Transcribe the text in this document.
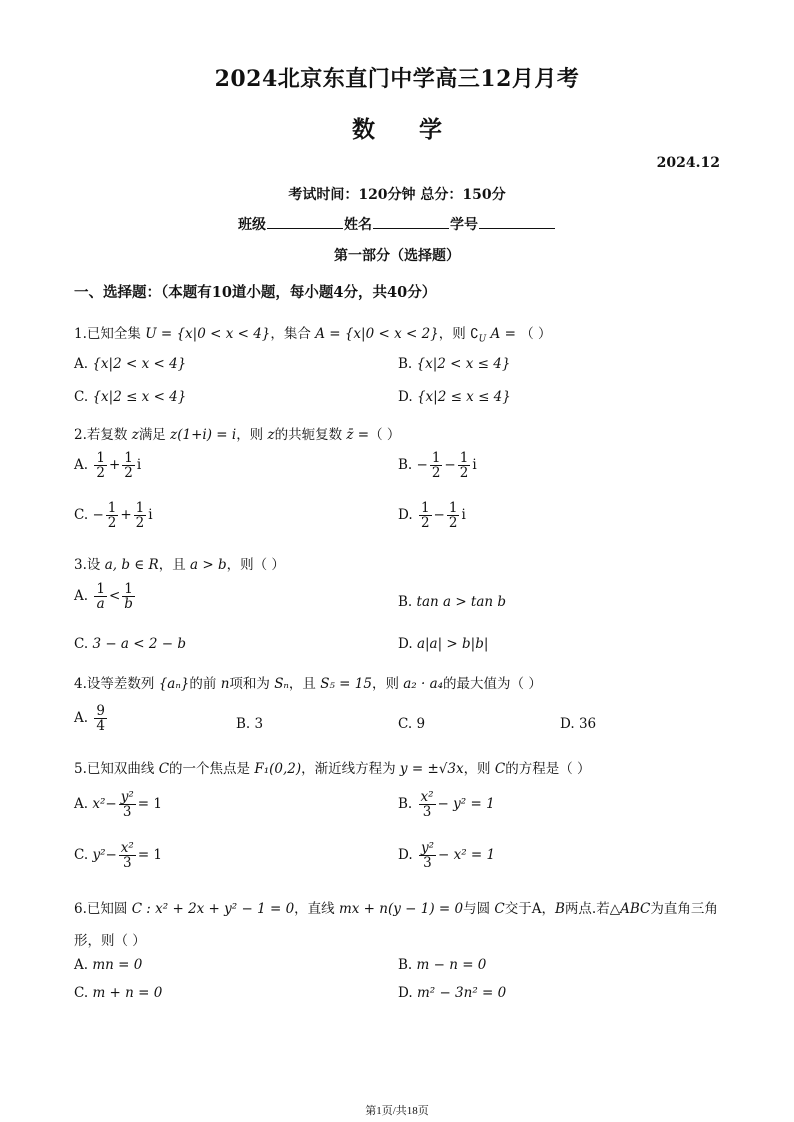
2024北京东直门中学高三12月月考
数 学
2024.12
考试时间：120分钟 总分：150分
班级	姓名	学号
第一部分（选择题）
一、选择题：（本题有10道小题，每小题4分，共40分）
1.已知全集 U = {x|0 < x < 4}，集合 A = {x|0 < x < 2}，则 $∁_U$ A = （ ）
A. {x|2 < x < 4}	B. {x|2 < x ≤ 4}
C. {x|2 ≤ x < 4}	D. {x|2 ≤ x ≤ 4}
2.若复数 z满足 z(1+i) = i，则 z的共轭复数 z̄ =（ ）
A. $\frac{1}{2} + \frac{1}{2}$ i	B. − $\frac{1}{2} - \frac{1}{2}$ i
C. − $\frac{1}{2} + \frac{1}{2}$ i	D. $\frac{1}{2} - \frac{1}{2}$ i
3.设 a, b ∈ R，且 a > b，则（ ）
A. $\frac{1}{a} < \frac{1}{b}$	B. tan a > tan b
C. 3 − a < 2 − b	D. a|a| > b|b|
4.设等差数列 {aₙ}的前 n项和为 Sₙ，且 S₅ = 15，则 a₂ · a₄的最大值为（ ）
A. $\frac{9}{4}$	B. 3	C. 9	D. 36
5.已知双曲线 C的一个焦点是 F₁(0,2)，渐近线方程为 y = ±√3x，则 C的方程是（ ）
A. $x^2- \frac{\text{y²}}{3} = 1$	B. $\frac{\text{x²}}{3} - y^2 = 1$
C. $y^2- \frac{\text{x²}}{3} = 1$	D. $\frac{\text{y²}}{3} - x^2 = 1$
6.已知圆 C : x² + 2x + y² − 1 = 0，直线 mx + n(y − 1) = 0与圆 C交于A，B两点.若△ABC为直角三角
形，则（ ）
A. mn = 0	B. m − n = 0
C. m + n = 0	D. m² − 3n² = 0
第1页/共18页
